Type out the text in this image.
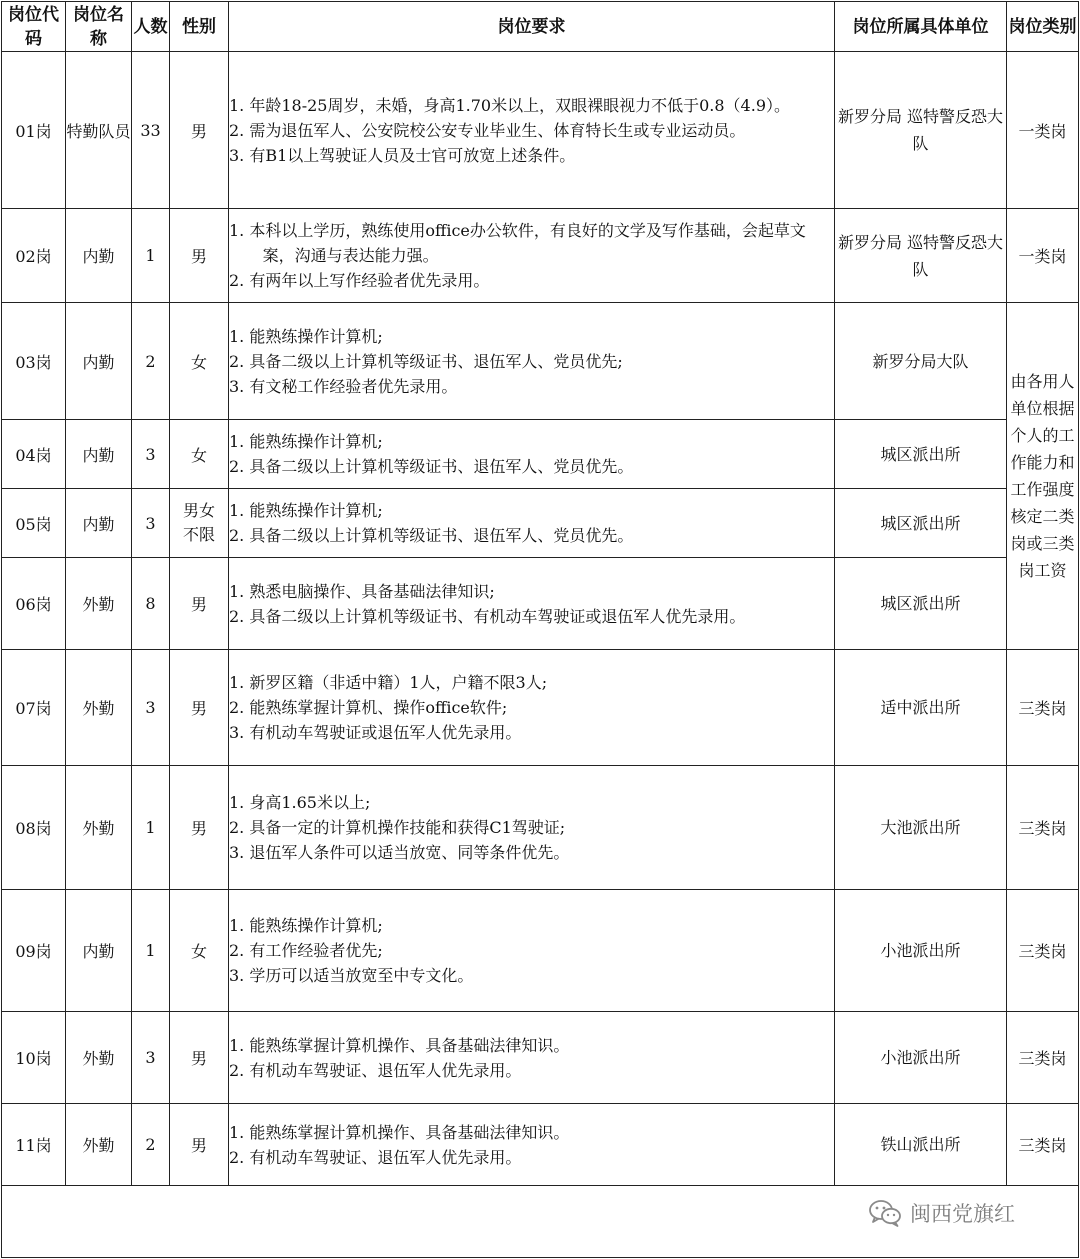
岗位代码	岗位名称	人数	性别	岗位要求	岗位所属具体单位	岗位类别
01岗	特勤队员	33	男	1. 年龄18-25周岁，未婚，身高1.70米以上，双眼裸眼视力不低于0.8（4.9）。
2. 需为退伍军人、公安院校公安专业毕业生、体育特长生或专业运动员。
3. 有B1以上驾驶证人员及士官可放宽上述条件。	新罗分局 巡特警反恐大队	一类岗
02岗	内勤	1	男	1. 本科以上学历，熟练使用office办公软件，有良好的文学及写作基础，会起草文案，沟通与表达能力强。
2. 有两年以上写作经验者优先录用。	新罗分局 巡特警反恐大队	一类岗
03岗	内勤	2	女	1. 能熟练操作计算机;
2. 具备二级以上计算机等级证书、退伍军人、党员优先;
3. 有文秘工作经验者优先录用。	新罗分局大队	由各用人单位根据个人的工作能力和工作强度核定二类岗或三类岗工资
04岗	内勤	3	女	1. 能熟练操作计算机;
2. 具备二级以上计算机等级证书、退伍军人、党员优先。	城区派出所	
05岗	内勤	3	男女不限	1. 能熟练操作计算机;
2. 具备二级以上计算机等级证书、退伍军人、党员优先。	城区派出所	
06岗	外勤	8	男	1. 熟悉电脑操作、具备基础法律知识;
2. 具备二级以上计算机等级证书、有机动车驾驶证或退伍军人优先录用。	城区派出所	
07岗	外勤	3	男	1. 新罗区籍（非适中籍）1人，户籍不限3人;
2. 能熟练掌握计算机、操作office软件;
3. 有机动车驾驶证或退伍军人优先录用。	适中派出所	三类岗
08岗	外勤	1	男	1. 身高1.65米以上;
2. 具备一定的计算机操作技能和获得C1驾驶证;
3. 退伍军人条件可以适当放宽、同等条件优先。	大池派出所	三类岗
09岗	内勤	1	女	1. 能熟练操作计算机;
2. 有工作经验者优先;
3. 学历可以适当放宽至中专文化。	小池派出所	三类岗
10岗	外勤	3	男	1. 能熟练掌握计算机操作、具备基础法律知识。
2. 有机动车驾驶证、退伍军人优先录用。	小池派出所	三类岗
11岗	外勤	2	男	1. 能熟练掌握计算机操作、具备基础法律知识。
2. 有机动车驾驶证、退伍军人优先录用。	铁山派出所	三类岗

闽西党旗红
